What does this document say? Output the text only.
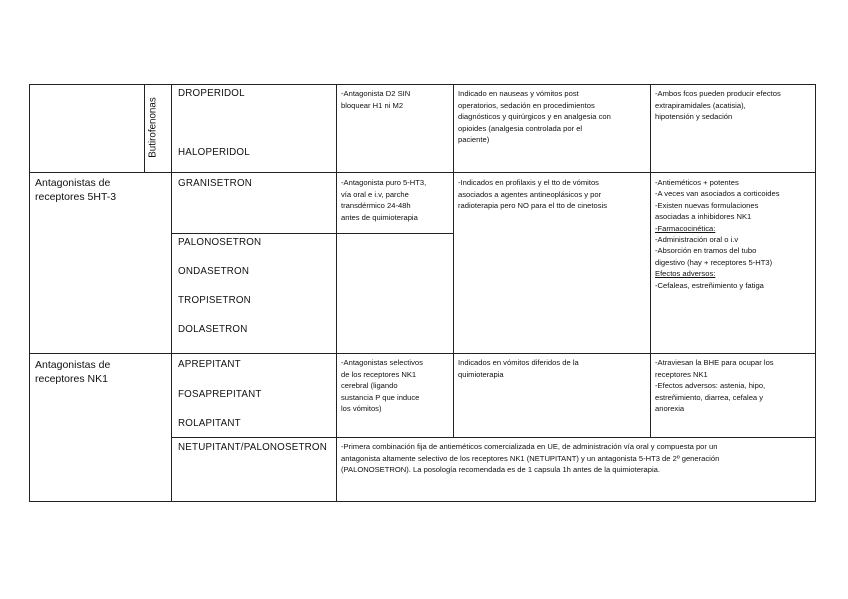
Butirofenonas
DROPERIDOL
HALOPERIDOL
-Antagonista D2 SIN
bloquear H1 ni M2
Indicado en nauseas y vómitos post
operatorios, sedación en procedimientos
diagnósticos y quirúrgicos y en analgesia con
opioides (analgesia controlada por el
paciente)
-Ambos fcos pueden producir efectos
extrapiramidales (acatisia),
hipotensión y sedación
Antagonistas de
receptores 5HT-3
GRANISETRON
PALONOSETRON
ONDASETRON
TROPISETRON
DOLASETRON
-Antagonista puro 5-HT3,
vía oral e i.v, parche
transdérmico 24-48h
antes de quimioterapia
-Indicados en profilaxis y el tto de vómitos
asociados a agentes antineoplásicos y por
radioterapia pero NO para el tto de cinetosis
-Antieméticos + potentes
-A veces van asociados a corticoides
-Existen nuevas formulaciones
asociadas a inhibidores NK1
-Farmacocinética:
-Administración oral o i.v
-Absorción en tramos del tubo
digestivo (hay + receptores 5-HT3)
Efectos adversos:
-Cefaleas, estreñimiento y fatiga
Antagonistas de
receptores NK1
APREPITANT
FOSAPREPITANT
ROLAPITANT
-Antagonistas selectivos
de los receptores NK1
cerebral (ligando
sustancia P que induce
los vómitos)
Indicados en vómitos diferidos de la
quimioterapia
-Atraviesan la BHE para ocupar los
receptores NK1
-Efectos adversos: astenia, hipo,
estreñimiento, diarrea, cefalea y
anorexia
NETUPITANT/PALONOSETRON -Primera combinación fija de antieméticos comercializada en UE, de administración vía oral y compuesta por un
antagonista altamente selectivo de los receptores NK1 (NETUPITANT) y un antagonista 5-HT3 de 2º generación
(PALONOSETRON). La posología recomendada es de 1 capsula 1h antes de la quimioterapia.
